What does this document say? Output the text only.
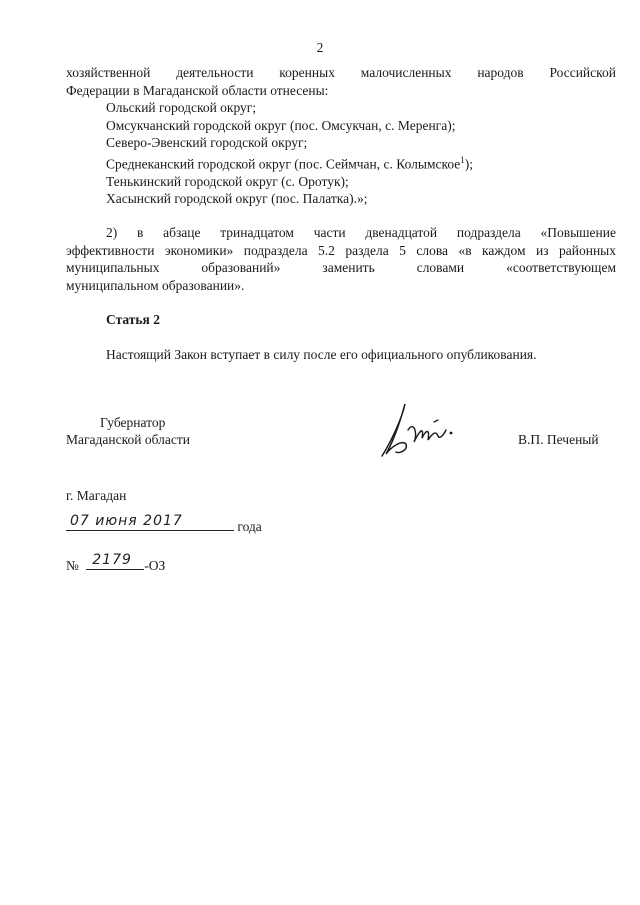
2
хозяйственной деятельности коренных малочисленных народов Российской
Федерации в Магаданской области отнесены:
Ольский городской округ;
Омсукчанский городской округ (пос. Омсукчан, с. Меренга);
Северо-Эвенский городской округ;
Среднеканский городской округ (пос. Сеймчан, с. Колымское$^1$);
Тенькинский городской округ (с. Оротук);
Хасынский городской округ (пос. Палатка).»;
2) в абзаце тринадцатом части двенадцатой подраздела «Повышение
эффективности экономики» подраздела 5.2 раздела 5 слова «в каждом из районных
муниципальных образований» заменить словами «соответствующем
муниципальном образовании».
Статья 2
Настоящий Закон вступает в силу после его официального опубликования.
Губернатор
Магаданской области	В.П. Печеный
г. Магадан
07 июня 2017	года
№ 2179 -ОЗ
